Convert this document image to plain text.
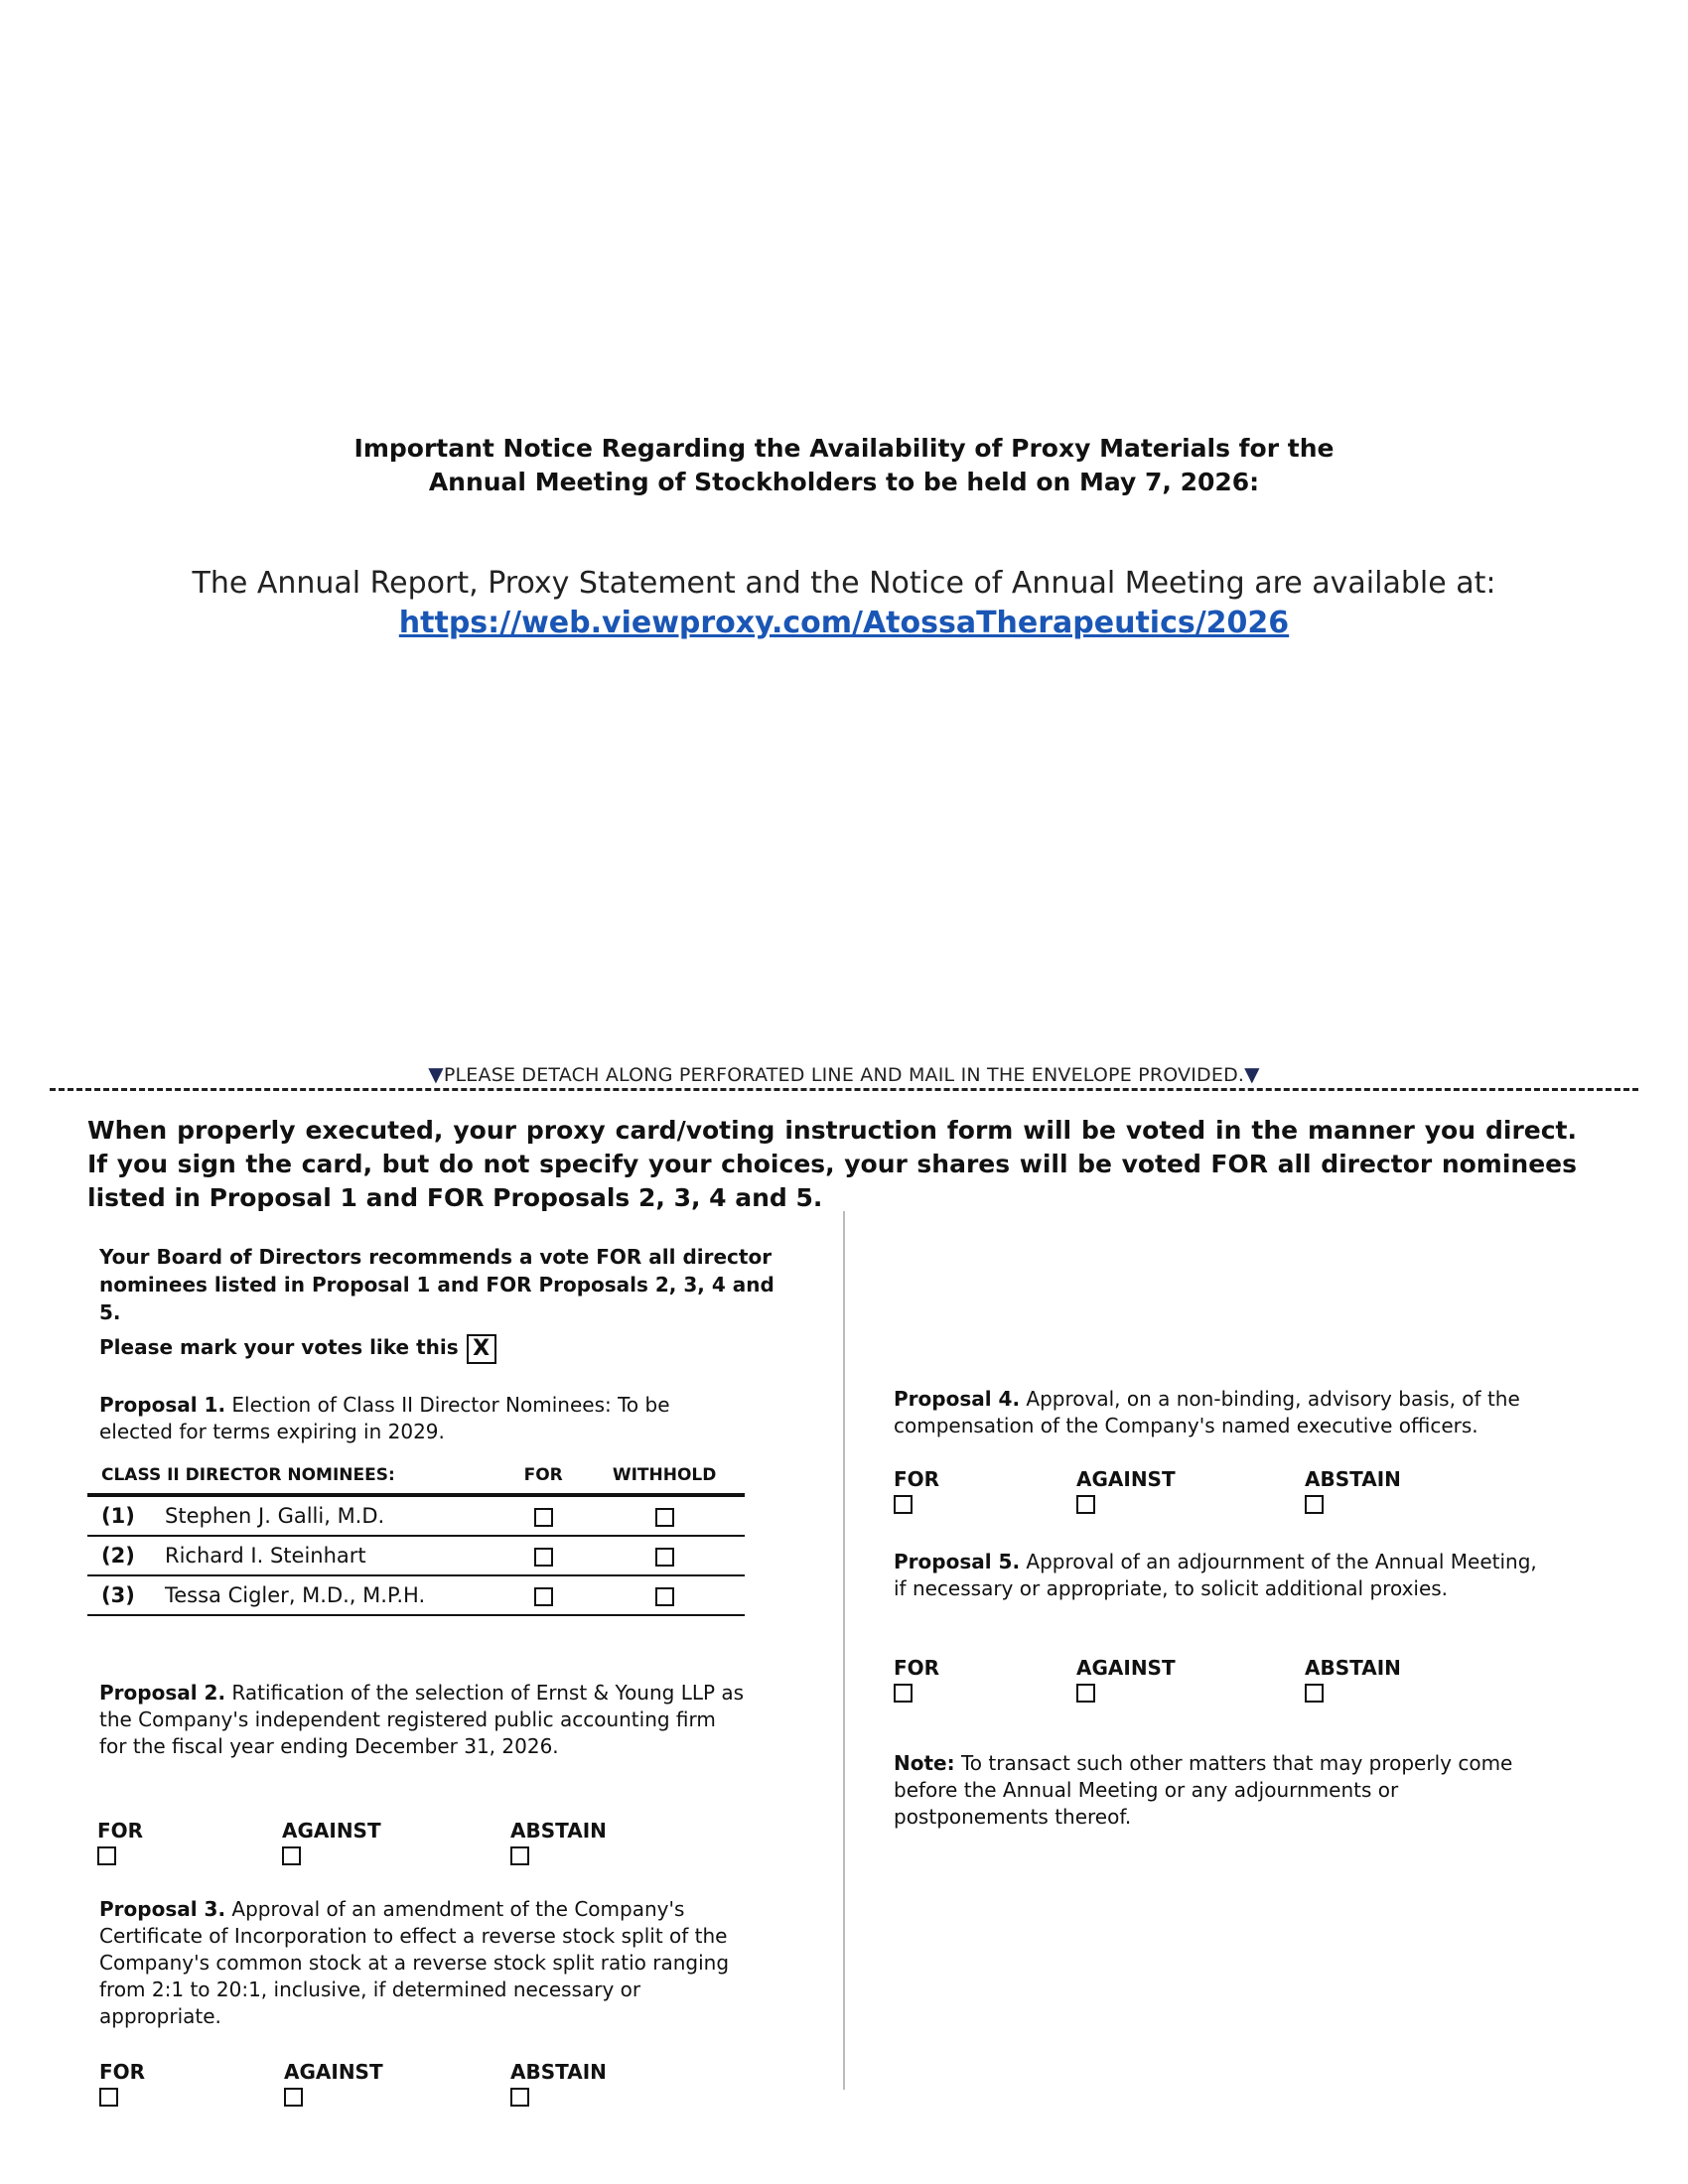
Important Notice Regarding the Availability of Proxy Materials for the
Annual Meeting of Stockholders to be held on May 7, 2026:
The Annual Report, Proxy Statement and the Notice of Annual Meeting are available at:
https://web.viewproxy.com/AtossaTherapeutics/2026
▼PLEASE DETACH ALONG PERFORATED LINE AND MAIL IN THE ENVELOPE PROVIDED.▼
When properly executed, your proxy card/voting instruction form will be voted in the manner you direct. If you sign the card, but do not specify your choices, your shares will be voted FOR all director nominees listed in Proposal 1 and FOR Proposals 2, 3, 4 and 5.
Your Board of Directors recommends a vote FOR all director nominees listed in Proposal 1 and FOR Proposals 2, 3, 4 and 5.
Please mark your votes like this X
Proposal 1. Election of Class II Director Nominees: To be elected for terms expiring in 2029.
CLASS II DIRECTOR NOMINEES:		FOR	WITHHOLD
(1)	Stephen J. Galli, M.D.		
(2)	Richard I. Steinhart		
(3)	Tessa Cigler, M.D., M.P.H.		
Proposal 2. Ratification of the selection of Ernst & Young LLP as the Company's independent registered public accounting firm for the fiscal year ending December 31, 2026.
FOR	AGAINST	ABSTAIN
Proposal 3. Approval of an amendment of the Company's Certificate of Incorporation to effect a reverse stock split of the Company's common stock at a reverse stock split ratio ranging from 2:1 to 20:1, inclusive, if determined necessary or appropriate.
FOR	AGAINST	ABSTAIN
Proposal 4. Approval, on a non-binding, advisory basis, of the compensation of the Company's named executive officers.
FOR	AGAINST	ABSTAIN
Proposal 5. Approval of an adjournment of the Annual Meeting, if necessary or appropriate, to solicit additional proxies.
FOR	AGAINST	ABSTAIN
Note: To transact such other matters that may properly come before the Annual Meeting or any adjournments or postponements thereof.
